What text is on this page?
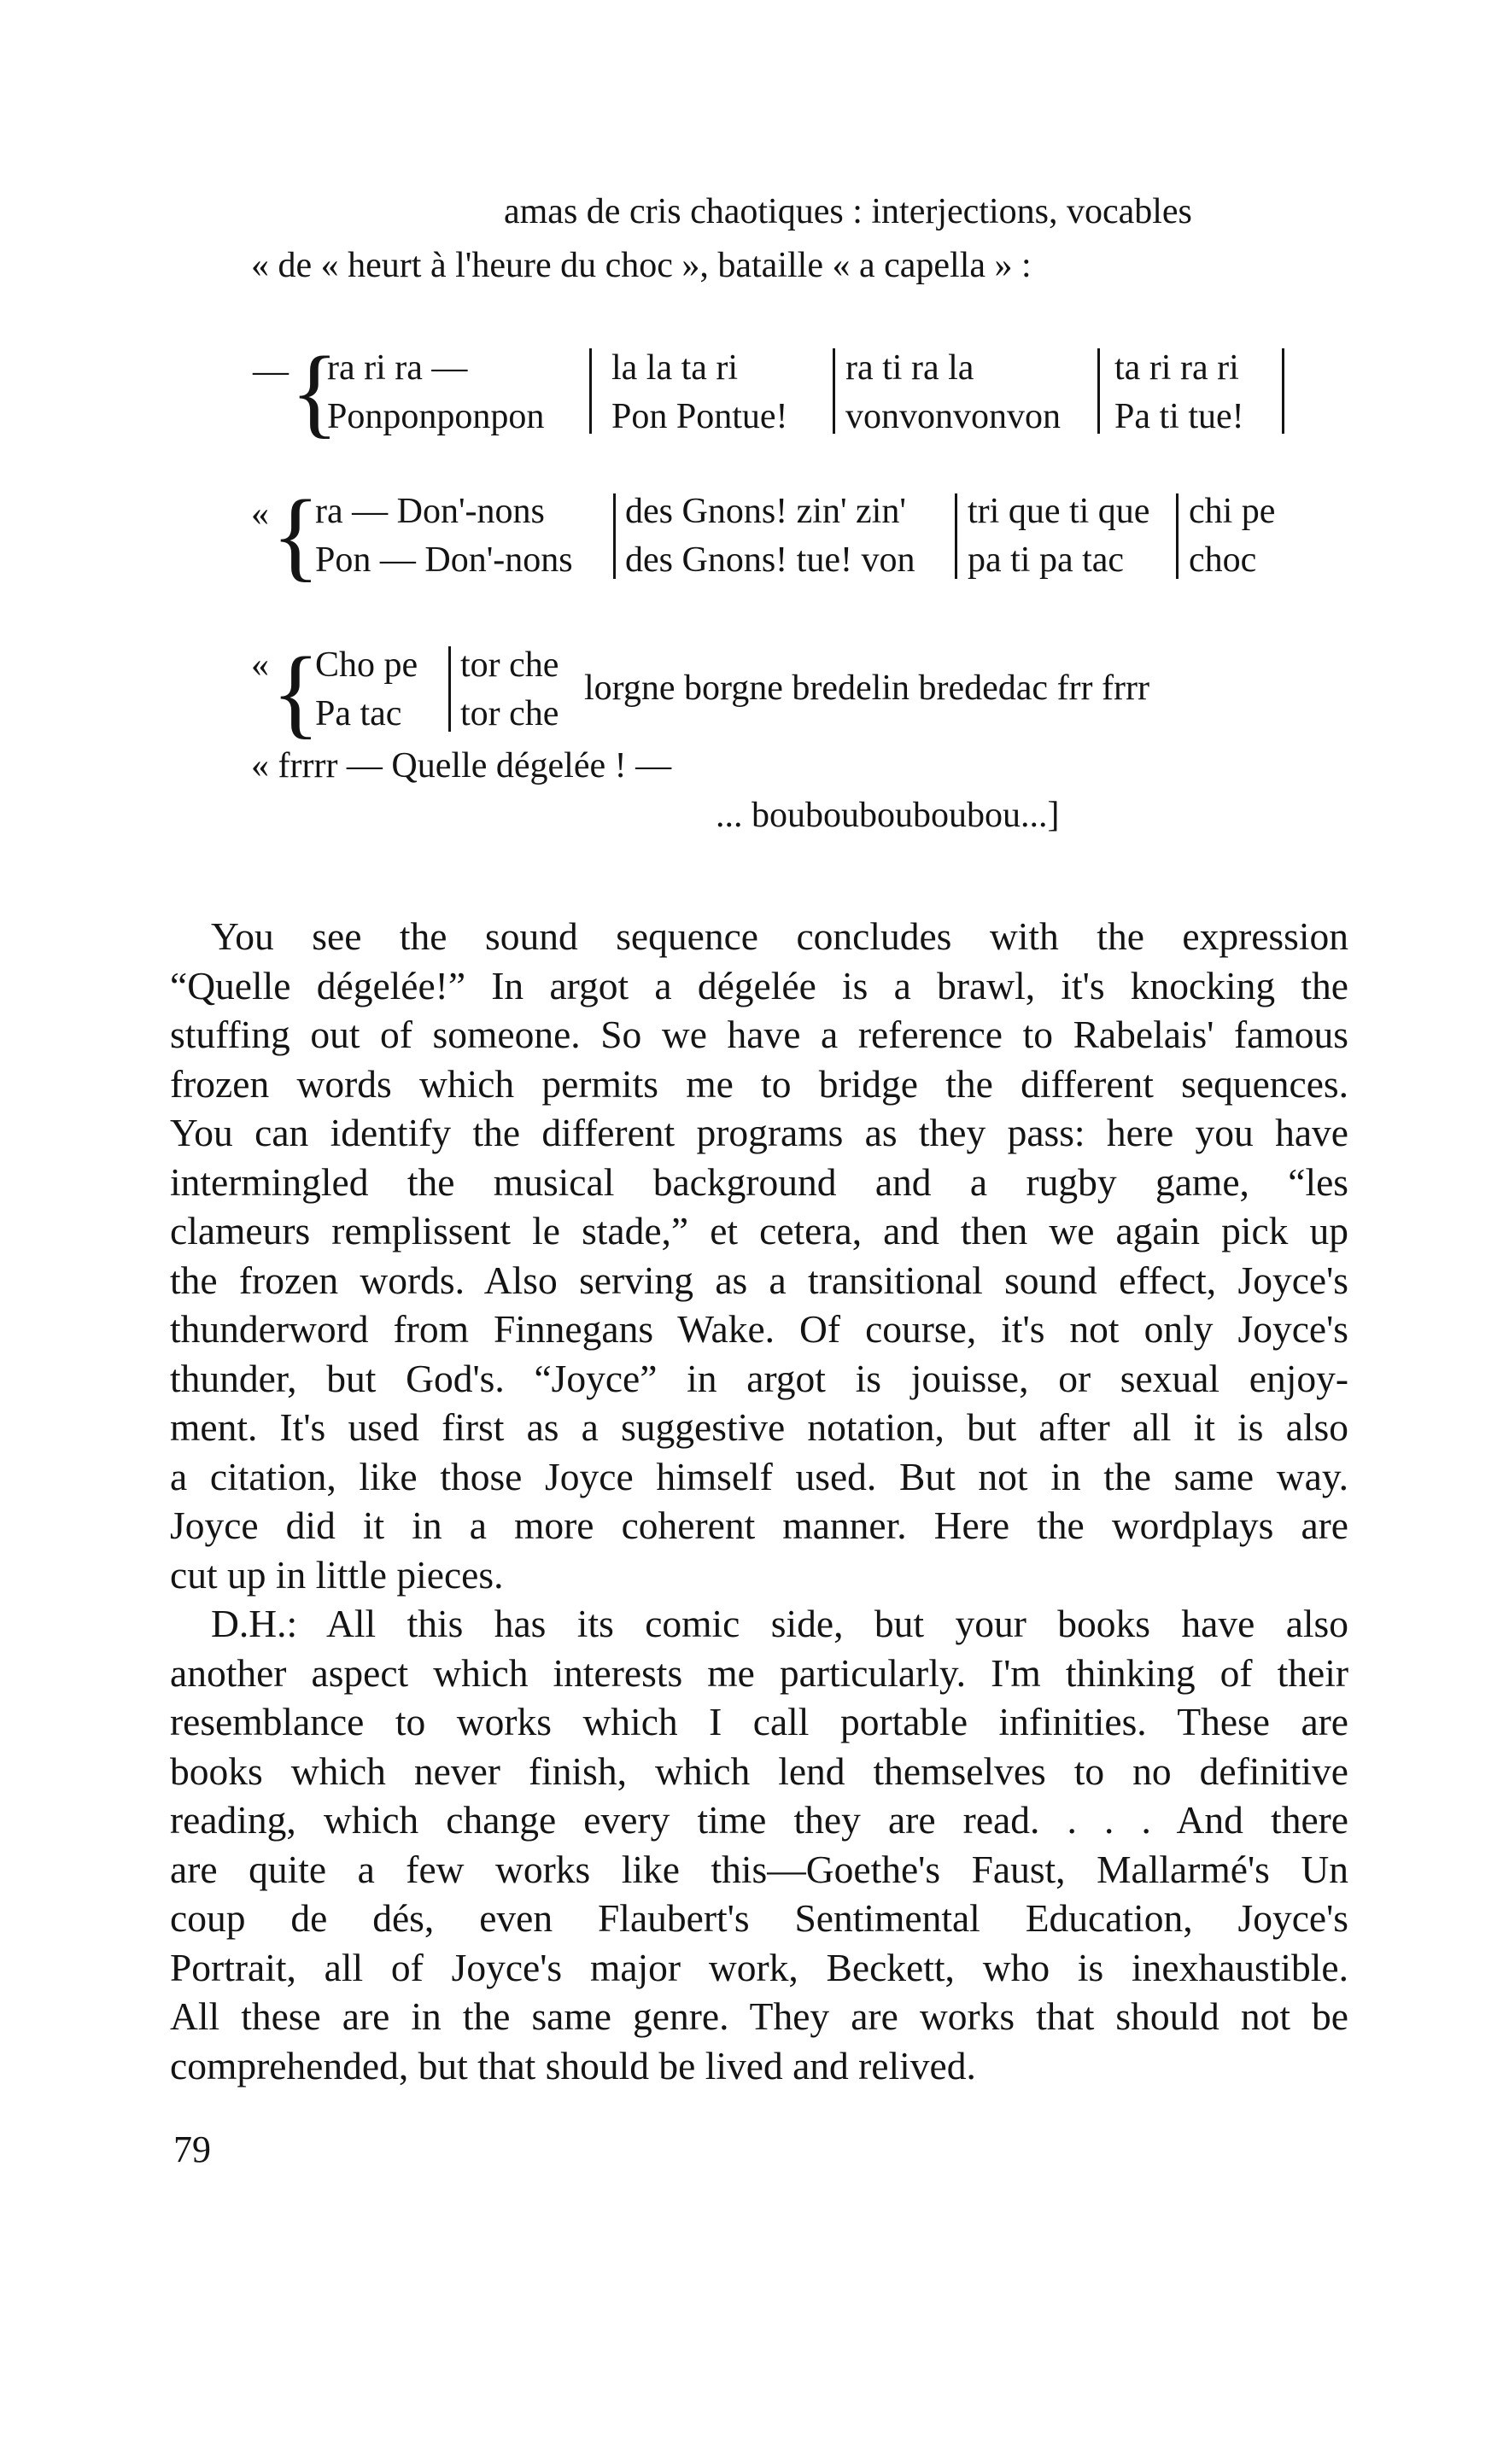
amas de cris chaotiques : interjections, vocables
« de « heurt à l'heure du choc », bataille « a capella » :
— {
ra ri ra —
Ponponponpon
la la ta ri
Pon Pontue!
ra ti ra la
vonvonvonvon
ta ri ra ri
Pa ti tue!
« {
ra — Don'-nons
Pon — Don'-nons
des Gnons! zin' zin'
des Gnons! tue! von
tri que ti que
pa ti pa tac
chi pe
choc
« {
Cho pe
Pa tac
tor che
tor che
lorgne borgne bredelin brededac frr frrr
« frrrr — Quelle dégelée ! —
... bouboubouboubou...]

You see the sound sequence concludes with the expression
“Quelle dégelée!” In argot a dégelée is a brawl, it's knocking the
stuffing out of someone. So we have a reference to Rabelais' famous
frozen words which permits me to bridge the different sequences.
You can identify the different programs as they pass: here you have
intermingled the musical background and a rugby game, “les
clameurs remplissent le stade,” et cetera, and then we again pick up
the frozen words. Also serving as a transitional sound effect, Joyce's
thunderword from Finnegans Wake. Of course, it's not only Joyce's
thunder, but God's. “Joyce” in argot is jouisse, or sexual enjoy-
ment. It's used first as a suggestive notation, but after all it is also
a citation, like those Joyce himself used. But not in the same way.
Joyce did it in a more coherent manner. Here the wordplays are
cut up in little pieces.

D.H.: All this has its comic side, but your books have also
another aspect which interests me particularly. I'm thinking of their
resemblance to works which I call portable infinities. These are
books which never finish, which lend themselves to no definitive
reading, which change every time they are read. . . . And there
are quite a few works like this—Goethe's Faust, Mallarmé's Un
coup de dés, even Flaubert's Sentimental Education, Joyce's
Portrait, all of Joyce's major work, Beckett, who is inexhaustible.
All these are in the same genre. They are works that should not be
comprehended, but that should be lived and relived.

79
